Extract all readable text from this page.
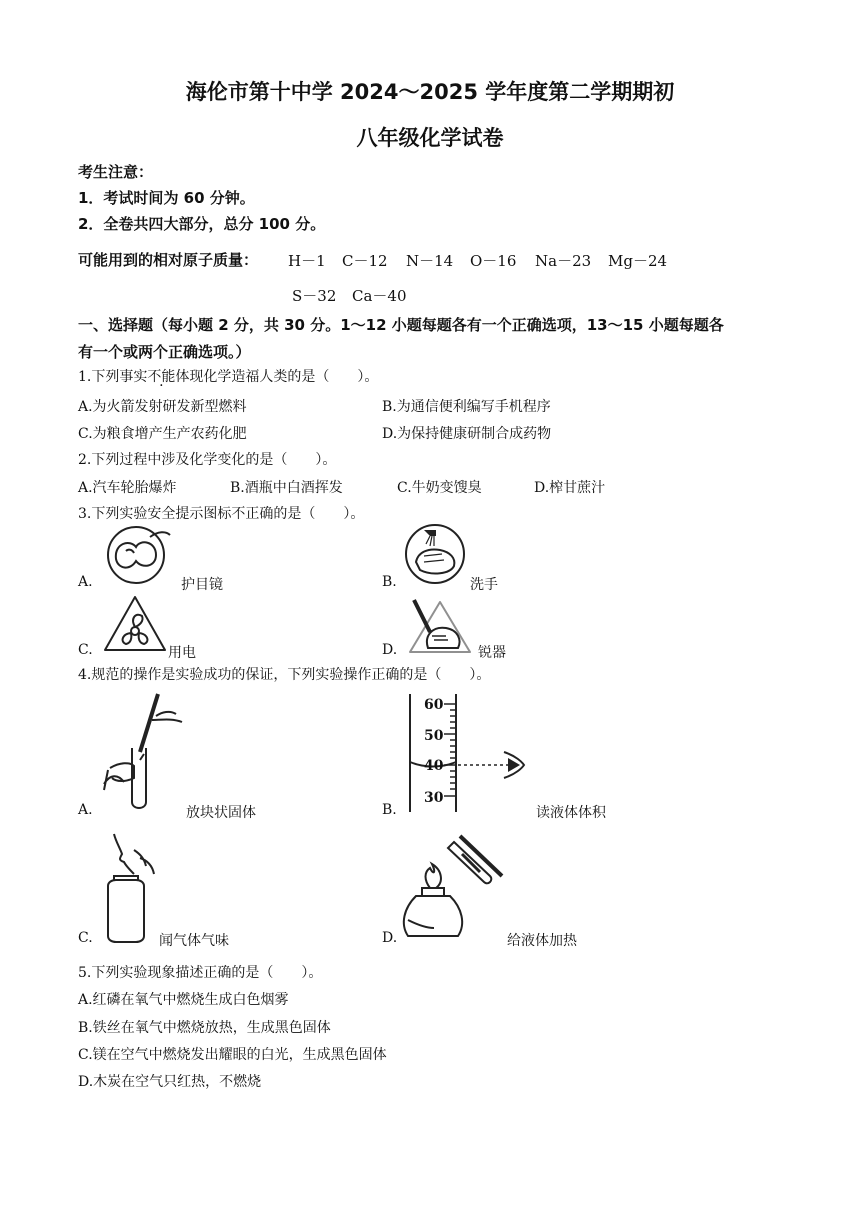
海伦市第十中学 2024～2025 学年度第二学期期初
八年级化学试卷
考生注意：
1．考试时间为 60 分钟。
2．全卷共四大部分，总分 100 分。
可能用到的相对原子质量： H－1 C－12 N－14 O－16 Na－23 Mg－24
S－32 Ca－40
一、选择题（每小题 2 分，共 30 分。1～12 小题每题各有一个正确选项，13～15 小题每题各
有一个或两个正确选项。）
1.下列事实不能体现化学造福人类的是（　　）。
A.为火箭发射研发新型燃料	B.为通信便利编写手机程序
C.为粮食增产生产农药化肥	D.为保持健康研制合成药物
2.下列过程中涉及化学变化的是（　　）。
A.汽车轮胎爆炸	B.酒瓶中白酒挥发	C.牛奶变馊臭	D.榨甘蔗汁
3.下列实验安全提示图标不正确的是（　　）。
A.	护目镜	B.	洗手
C.	用电	D.	锐器
4.规范的操作是实验成功的保证，下列实验操作正确的是（　　）。
A.	放块状固体	B.
60
50
40
30
读液体体积
C.	闻气体气味	D.	给液体加热
5.下列实验现象描述正确的是（　　）。
A.红磷在氧气中燃烧生成白色烟雾
B.铁丝在氧气中燃烧放热，生成黑色固体
C.镁在空气中燃烧发出耀眼的白光，生成黑色固体
D.木炭在空气只红热，不燃烧
